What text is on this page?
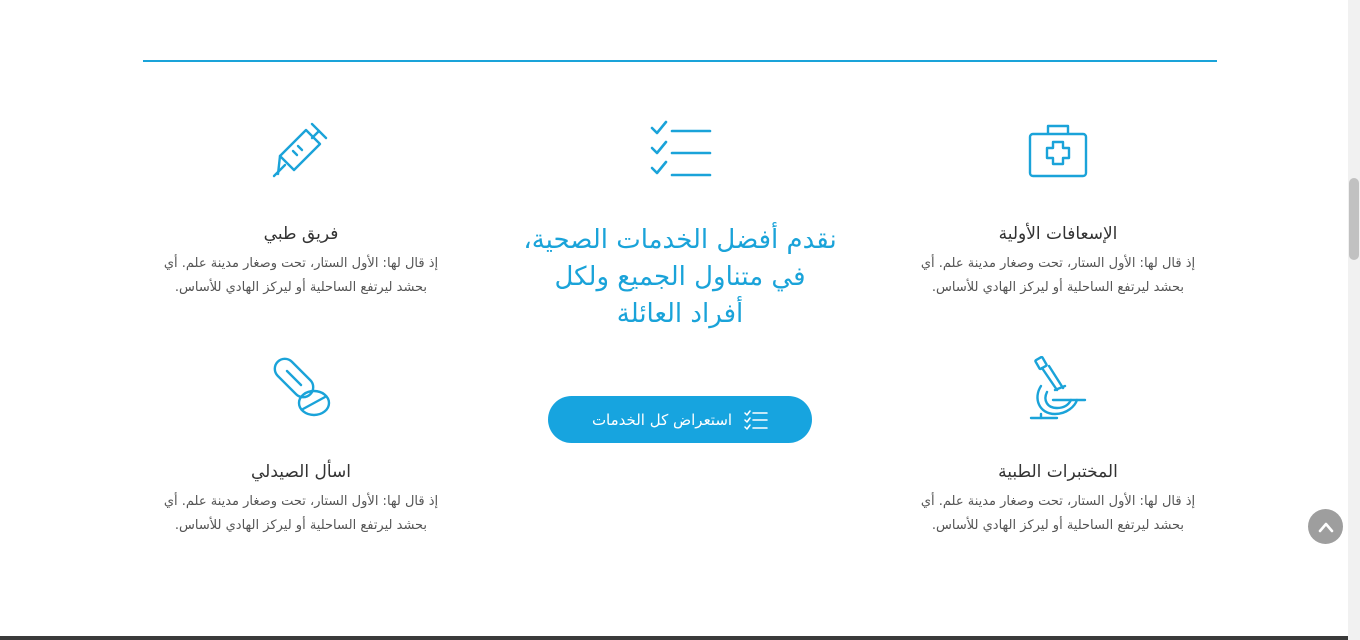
فريق طبي

إذ قال لها: الأول الستار، تحت وصغار مدينة علم. أي
بحشد ليرتفع الساحلية أو ليركز الهادي للأساس.

الإسعافات الأولية

إذ قال لها: الأول الستار، تحت وصغار مدينة علم. أي
بحشد ليرتفع الساحلية أو ليركز الهادي للأساس.

اسأل الصيدلي

إذ قال لها: الأول الستار، تحت وصغار مدينة علم. أي
بحشد ليرتفع الساحلية أو ليركز الهادي للأساس.

المختبرات الطبية

إذ قال لها: الأول الستار، تحت وصغار مدينة علم. أي
بحشد ليرتفع الساحلية أو ليركز الهادي للأساس.

نقدم أفضل الخدمات الصحية،
في متناول الجميع ولكل
أفراد العائلة
استعراض كل الخدمات
